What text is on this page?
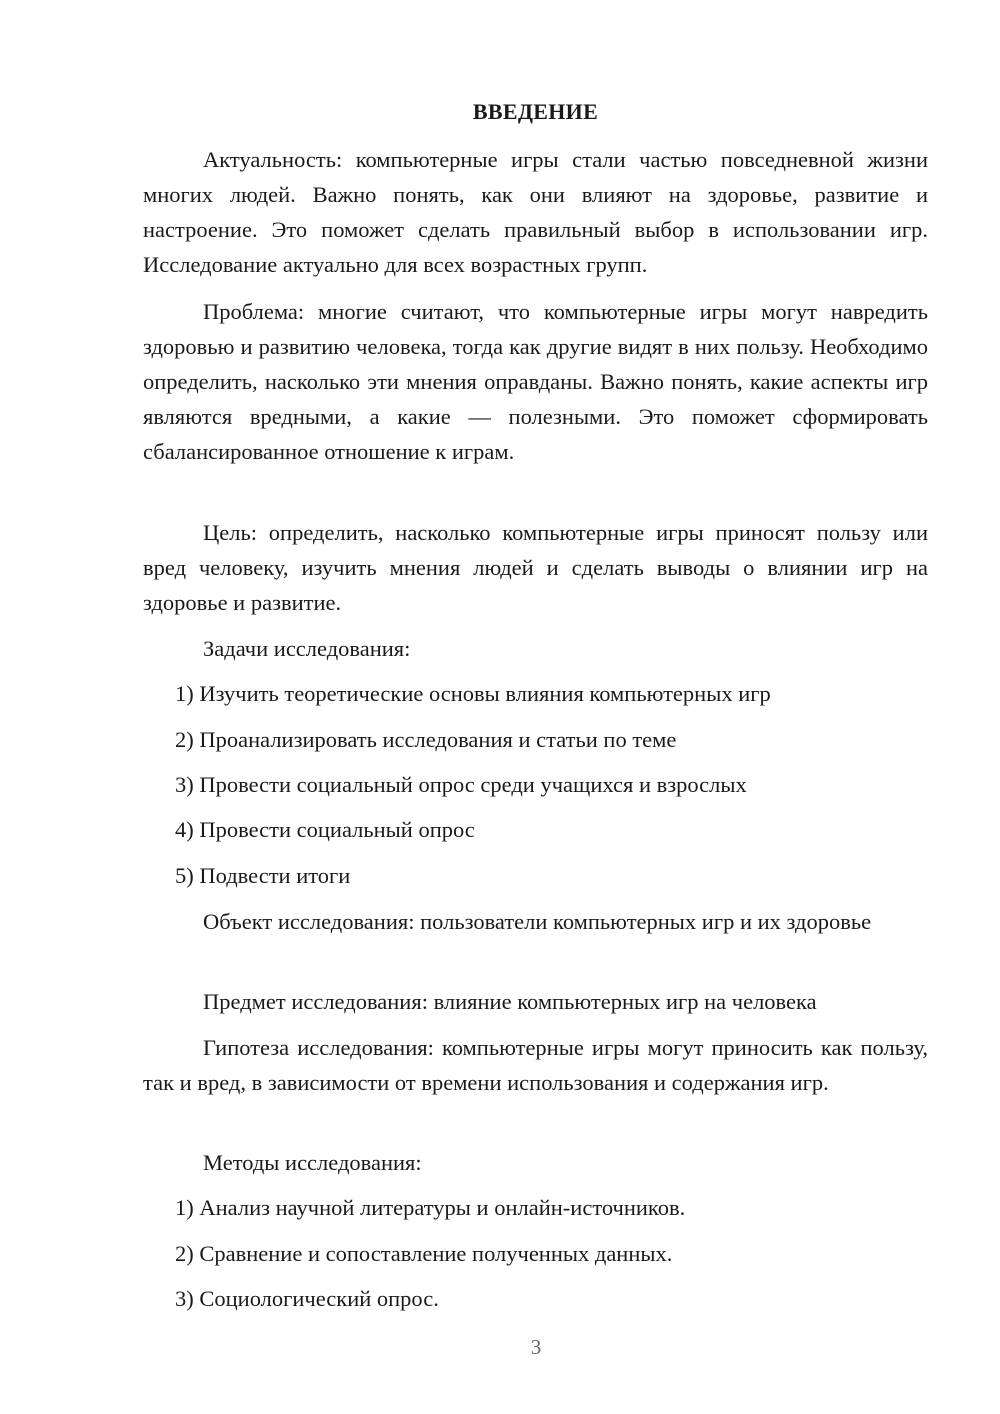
ВВЕДЕНИЕ

Актуальность: компьютерные игры стали частью повседневной жизни многих людей. Важно понять, как они влияют на здоровье, развитие и настроение. Это поможет сделать правильный выбор в использовании игр. Исследование актуально для всех возрастных групп.

Проблема: многие считают, что компьютерные игры могут навредить здоровью и развитию человека, тогда как другие видят в них пользу. Необходимо определить, насколько эти мнения оправданы. Важно понять, какие аспекты игр являются вредными, а какие — полезными. Это поможет сформировать сбалансированное отношение к играм.

Цель: определить, насколько компьютерные игры приносят пользу или вред человеку, изучить мнения людей и сделать выводы о влиянии игр на здоровье и развитие.

Задачи исследования:

1) Изучить теоретические основы влияния компьютерных игр

2) Проанализировать исследования и статьи по теме

3) Провести социальный опрос среди учащихся и взрослых

4) Провести социальный опрос

5) Подвести итоги

Объект исследования: пользователи компьютерных игр и их здоровье

Предмет исследования: влияние компьютерных игр на человека

Гипотеза исследования: компьютерные игры могут приносить как пользу, так и вред, в зависимости от времени использования и содержания игр.

Методы исследования:

1) Анализ научной литературы и онлайн-источников.

2) Сравнение и сопоставление полученных данных.

3) Социологический опрос.

3
